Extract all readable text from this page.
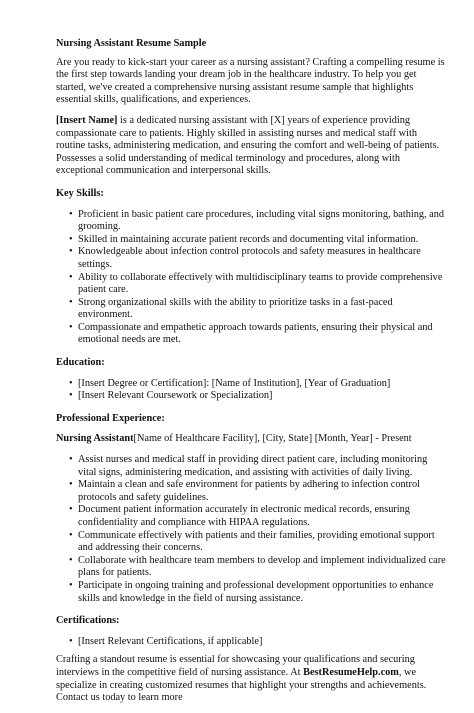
Nursing Assistant Resume Sample

Are you ready to kick-start your career as a nursing assistant? Crafting a compelling resume is the first step towards landing your dream job in the healthcare industry. To help you get started, we've created a comprehensive nursing assistant resume sample that highlights essential skills, qualifications, and experiences.

[Insert Name] is a dedicated nursing assistant with [X] years of experience providing compassionate care to patients. Highly skilled in assisting nurses and medical staff with routine tasks, administering medication, and ensuring the comfort and well-being of patients. Possesses a solid understanding of medical terminology and procedures, along with exceptional communication and interpersonal skills.

Key Skills:
• Proficient in basic patient care procedures, including vital signs monitoring, bathing, and grooming.
• Skilled in maintaining accurate patient records and documenting vital information.
• Knowledgeable about infection control protocols and safety measures in healthcare settings.
• Ability to collaborate effectively with multidisciplinary teams to provide comprehensive patient care.
• Strong organizational skills with the ability to prioritize tasks in a fast-paced environment.
• Compassionate and empathetic approach towards patients, ensuring their physical and emotional needs are met.
Education:
• [Insert Degree or Certification]: [Name of Institution], [Year of Graduation]
• [Insert Relevant Coursework or Specialization]
Professional Experience:

Nursing Assistant[Name of Healthcare Facility], [City, State] [Month, Year] - Present

• Assist nurses and medical staff in providing direct patient care, including monitoring vital signs, administering medication, and assisting with activities of daily living.
• Maintain a clean and safe environment for patients by adhering to infection control protocols and safety guidelines.
• Document patient information accurately in electronic medical records, ensuring confidentiality and compliance with HIPAA regulations.
• Communicate effectively with patients and their families, providing emotional support and addressing their concerns.
• Collaborate with healthcare team members to develop and implement individualized care plans for patients.
• Participate in ongoing training and professional development opportunities to enhance skills and knowledge in the field of nursing assistance.
Certifications:
• [Insert Relevant Certifications, if applicable]

Crafting a standout resume is essential for showcasing your qualifications and securing interviews in the competitive field of nursing assistance. At BestResumeHelp.com, we specialize in creating customized resumes that highlight your strengths and achievements. Contact us today to learn more
